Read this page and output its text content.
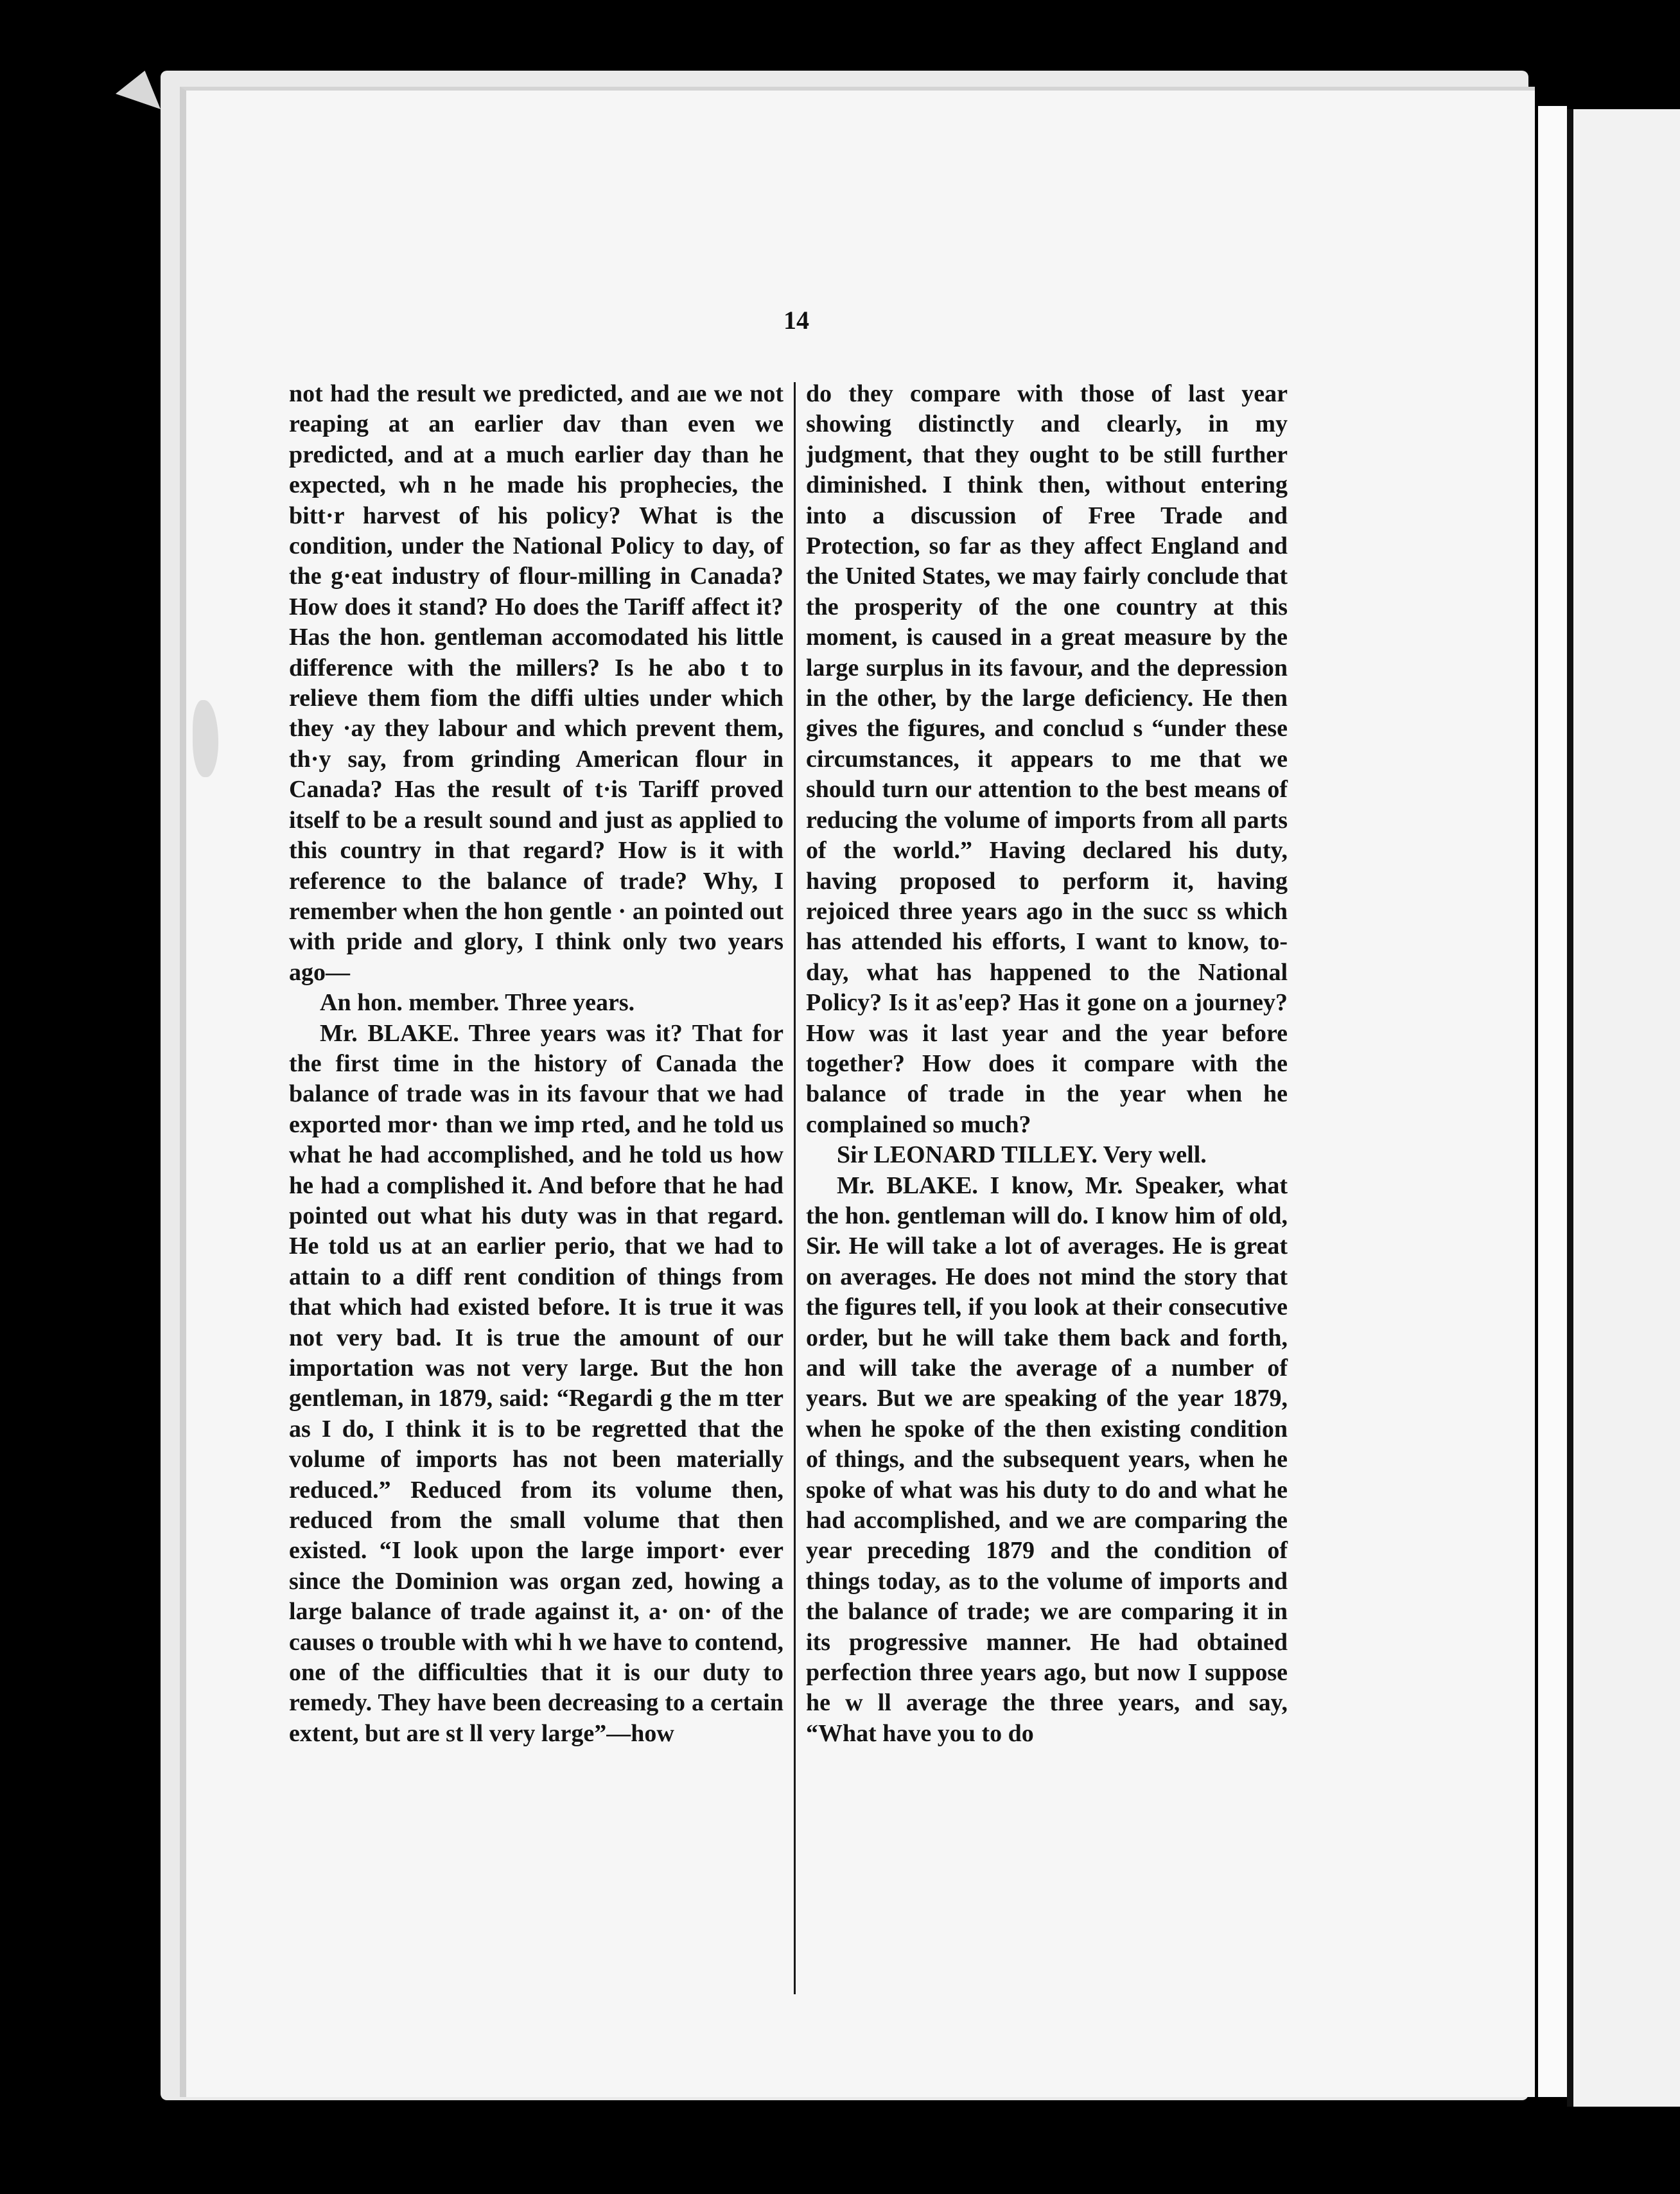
14

not had the result we predicted, and aıe we not reaping at an earlier dav than even we predicted, and at a much earlier day than he expected, wh n he made his prophecies, the bitt·r harvest of his policy? What is the condition, under the National Policy to day, of the g·eat industry of flour-milling in Canada? How does it stand? Ho does the Tariff affect it? Has the hon. gentleman accomodated his little difference with the millers? Is he abo t to relieve them fiom the diffi ulties under which they ·ay they labour and which prevent them, th·y say, from grinding American flour in Canada? Has the result of t·is Tariff proved itself to be a result sound and just as applied to this country in that regard? How is it with reference to the balance of trade? Why, I remember when the hon gentle · an pointed out with pride and glory, I think only two years ago—

An hon. member. Three years.

Mr. BLAKE. Three years was it? That for the first time in the history of Canada the balance of trade was in its favour that we had exported mor· than we imp rted, and he told us what he had accomplished, and he told us how he had a complished it. And before that he had pointed out what his duty was in that regard. He told us at an earlier perio, that we had to attain to a diff rent condition of things from that which had existed before. It is true it was not very bad. It is true the amount of our importation was not very large. But the hon gentleman, in 1879, said: “Regardi g the m tter as I do, I think it is to be regretted that the volume of imports has not been materially reduced.” Reduced from its volume then, reduced from the small volume that then existed. “I look upon the large import· ever since the Dominion was organ zed, howing a large balance of trade against it, a· on· of the causes o trouble with whi h we have to contend, one of the difficulties that it is our duty to remedy. They have been decreasing to a certain extent, but are st ll very large”—how

do they compare with those of last year showing distinctly and clearly, in my judgment, that they ought to be still further diminished. I think then, without entering into a discussion of Free Trade and Protection, so far as they affect England and the United States, we may fairly conclude that the prosperity of the one country at this moment, is caused in a great measure by the large surplus in its favour, and the depression in the other, by the large deficiency. He then gives the figures, and conclud s “under these circumstances, it appears to me that we should turn our attention to the best means of reducing the volume of imports from all parts of the world.” Having declared his duty, having proposed to perform it, having rejoiced three years ago in the succ ss which has attended his efforts, I want to know, to-day, what has happened to the National Policy? Is it as'eep? Has it gone on a journey? How was it last year and the year before together? How does it compare with the balance of trade in the year when he complained so much?

Sir LEONARD TILLEY. Very well.

Mr. BLAKE. I know, Mr. Speaker, what the hon. gentleman will do. I know him of old, Sir. He will take a lot of averages. He is great on averages. He does not mind the story that the figures tell, if you look at their consecutive order, but he will take them back and forth, and will take the average of a number of years. But we are speaking of the year 1879, when he spoke of the then existing condition of things, and the subsequent years, when he spoke of what was his duty to do and what he had accomplished, and we are comparing the year preceding 1879 and the condition of things today, as to the volume of imports and the balance of trade; we are comparing it in its progressive manner. He had obtained perfection three years ago, but now I suppose he w ll average the three years, and say, “What have you to do
